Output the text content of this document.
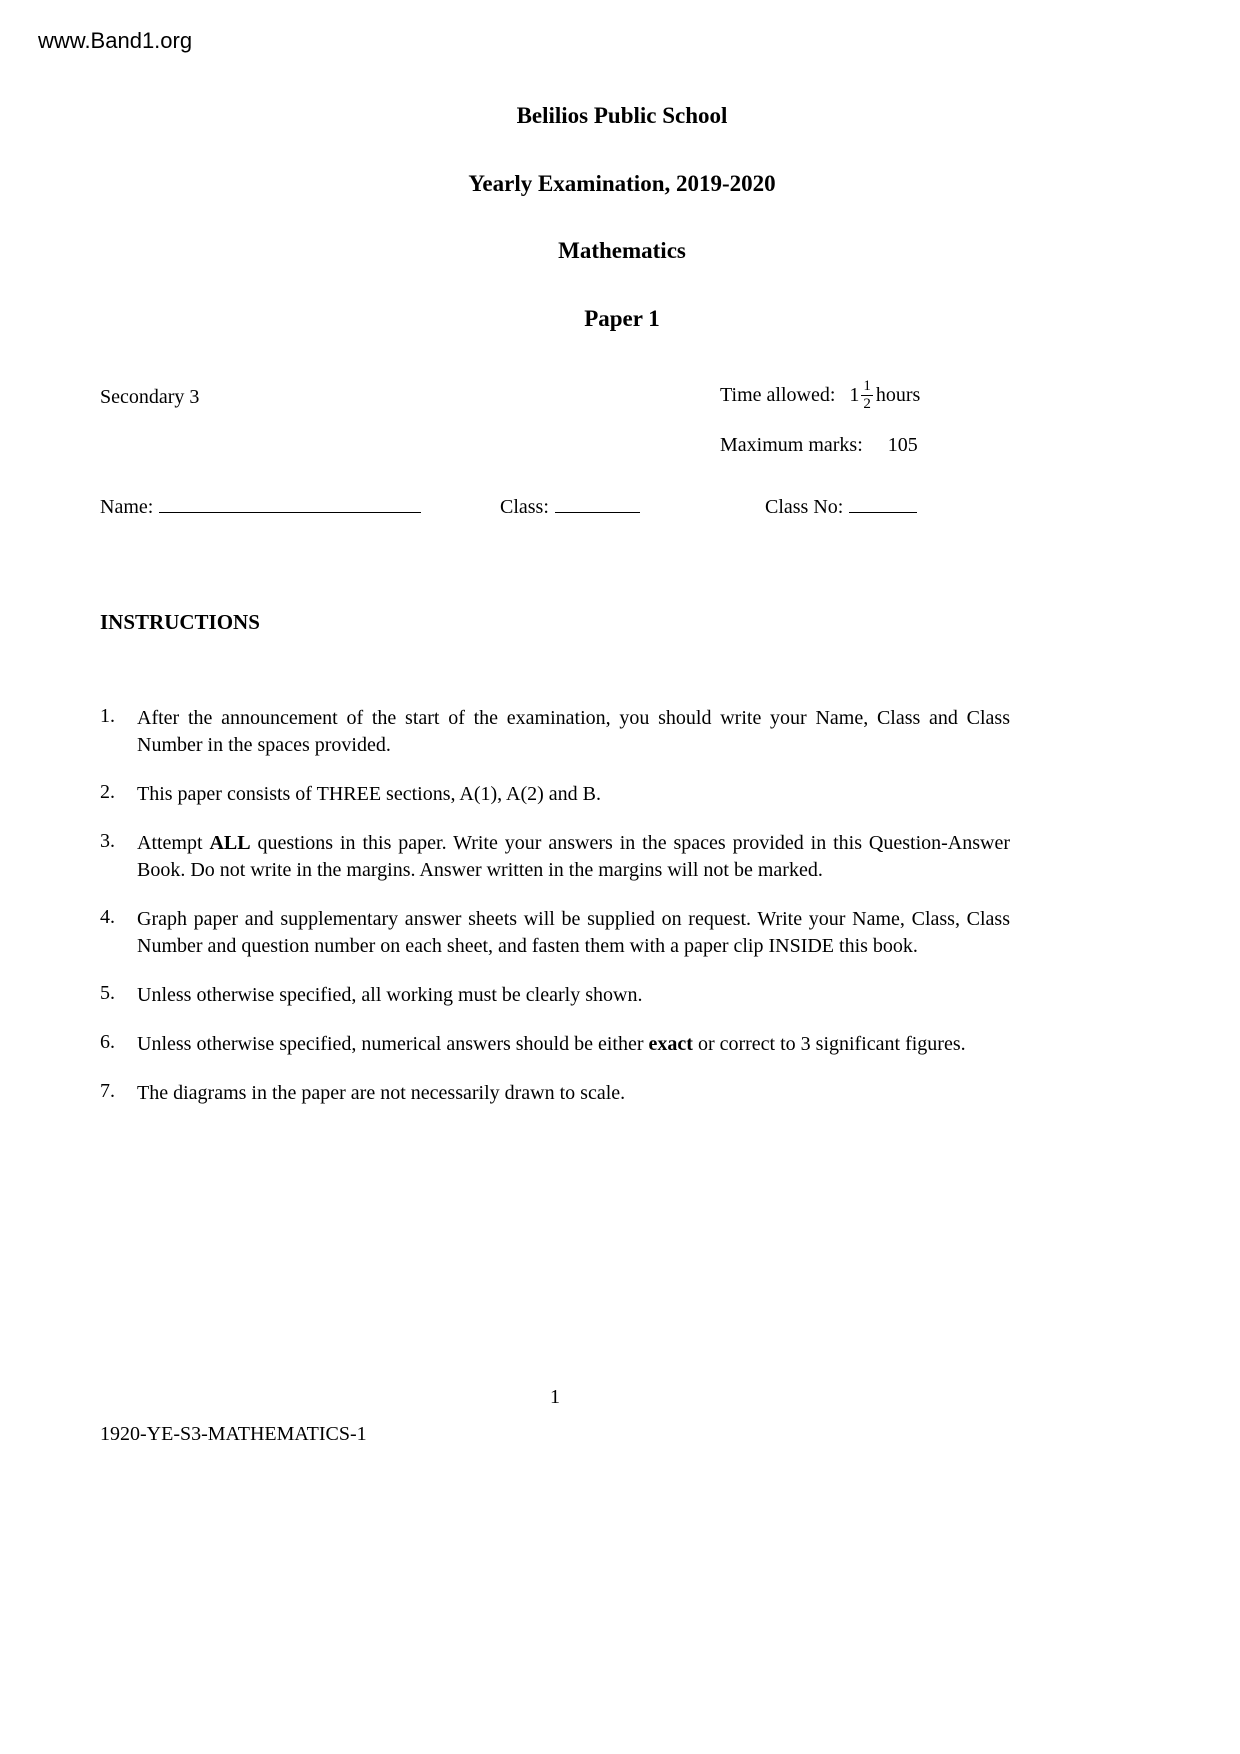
www.Band1.org
Belilios Public School
Yearly Examination, 2019-2020
Mathematics
Paper 1
Secondary 3	Time allowed: $1 \frac{1}{2}$ hours
Maximum marks: 105
Name:	Class:	Class No:
INSTRUCTIONS
1.	After the announcement of the start of the examination, you should write your Name, Class and Class Number in the spaces provided.

2.	This paper consists of THREE sections, A(1), A(2) and B.

3.	Attempt ALL questions in this paper. Write your answers in the spaces provided in this Question-Answer Book. Do not write in the margins. Answer written in the margins will not be marked.

4.	Graph paper and supplementary answer sheets will be supplied on request. Write your Name, Class, Class Number and question number on each sheet, and fasten them with a paper clip INSIDE this book.

5.	Unless otherwise specified, all working must be clearly shown.

6.	Unless otherwise specified, numerical answers should be either exact or correct to 3 significant figures.

7.	The diagrams in the paper are not necessarily drawn to scale.

1
1920-YE-S3-MATHEMATICS-1
